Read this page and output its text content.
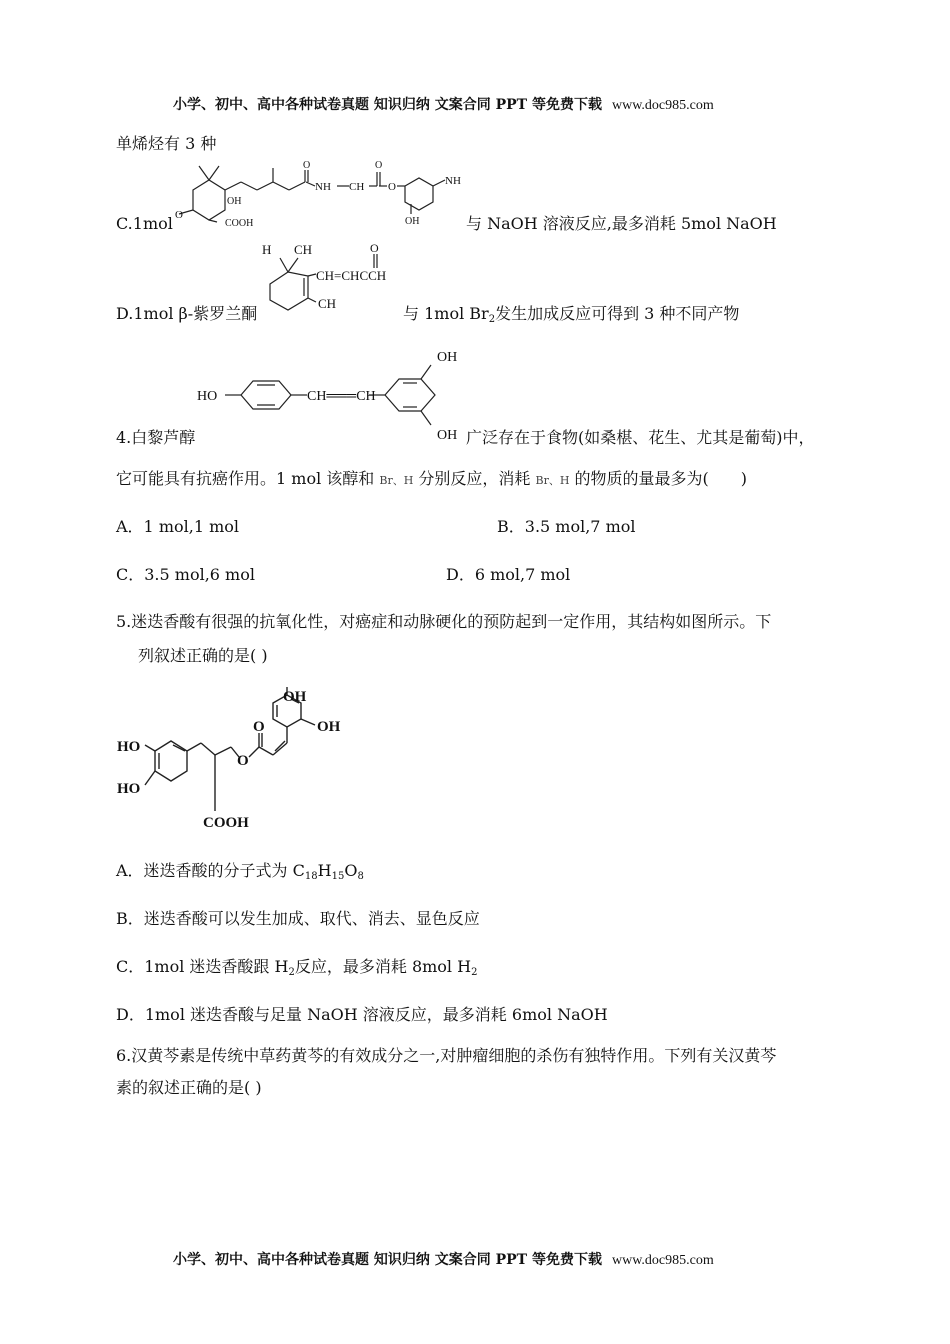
小学、初中、高中各种试卷真题 知识归纳 文案合同 PPT 等免费下载 www.doc985.com
单烯烃有 3 种
C.1mol O
OH
COOH
O
NH CH
O
O	NH
OH	与 NaOH 溶液反应,最多消耗 5mol NaOH
D.1mol β-紫罗兰酮
H CH
CH=CHCCH
O
CH
与 1mol $Br_2$发生加成反应可得到 3 种不同产物
HO	CH═══CH
OH
OH
4.白黎芦醇	广泛存在于食物(如桑椹、花生、尤其是葡萄)中，
它可能具有抗癌作用。1 mol 该醇和 Br、H 分别反应，消耗 Br、H 的物质的量最多为(　　)
A．1 mol,1 mol	B．3.5 mol,7 mol
C．3.5 mol,6 mol	D．6 mol,7 mol
5.迷迭香酸有很强的抗氧化性，对癌症和动脉硬化的预防起到一定作用，其结构如图所示。下
列叙述正确的是( )
HO
HO
OH
OH
O
O
COOH
A．迷迭香酸的分子式为 $C_{18}H_{15}O_8$
B．迷迭香酸可以发生加成、取代、消去、显色反应
C．1mol 迷迭香酸跟 $H_2$反应，最多消耗 8mol $H_2$
D．1mol 迷迭香酸与足量 NaOH 溶液反应，最多消耗 6mol NaOH
6.汉黄芩素是传统中草药黄芩的有效成分之一,对肿瘤细胞的杀伤有独特作用。下列有关汉黄芩
素的叙述正确的是( )
小学、初中、高中各种试卷真题 知识归纳 文案合同 PPT 等免费下载 www.doc985.com
